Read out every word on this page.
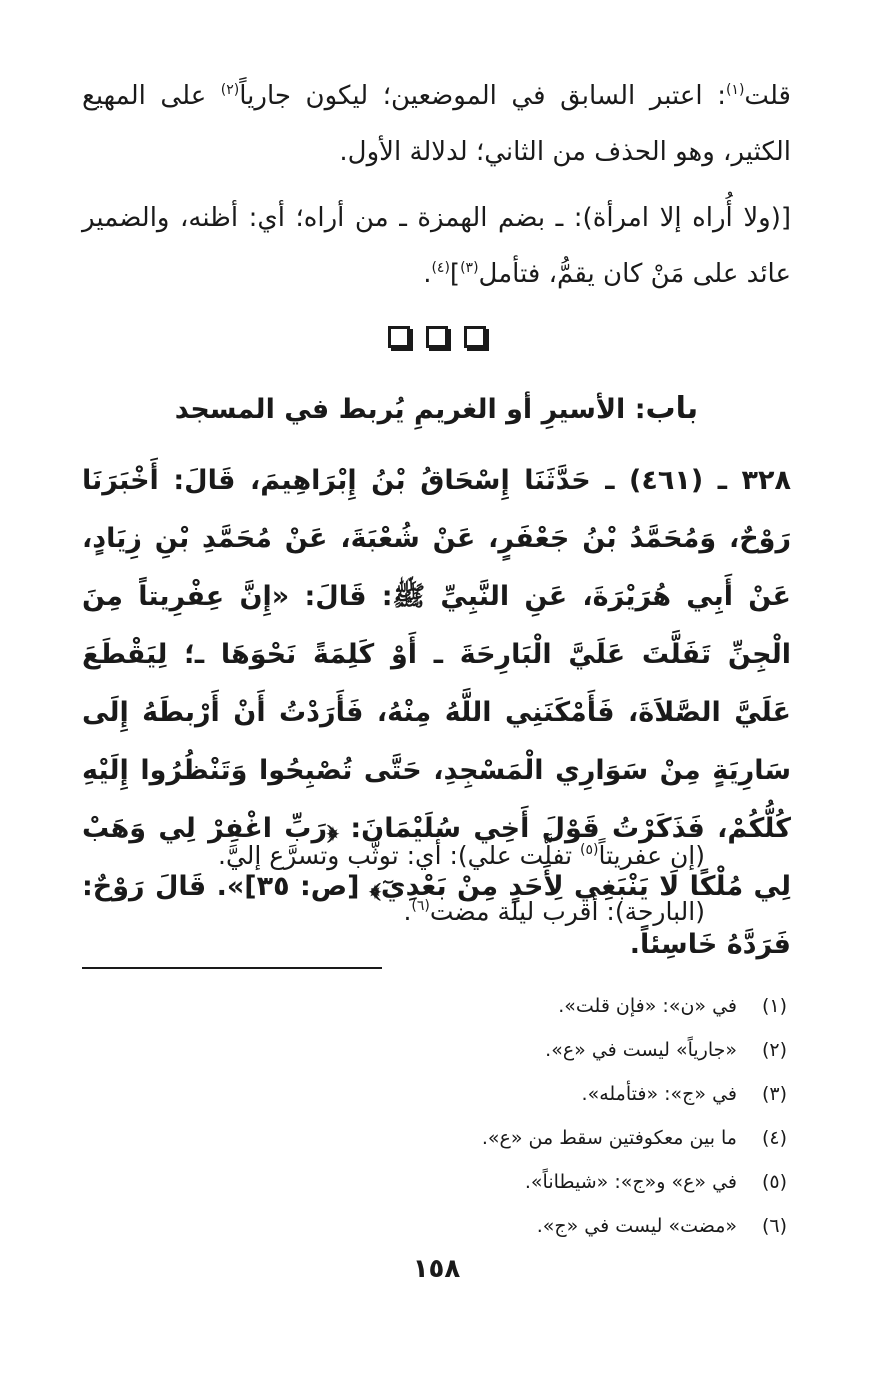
قلت$^{(١)}$: اعتبر السابق في الموضعين؛ ليكون جارياً$^{(٢)}$ على المهيع الكثير، وهو الحذف من الثاني؛ لدلالة الأول.

[(ولا أُراه إلا امرأة): ـ بضم الهمزة ـ من أراه؛ أي: أظنه، والضمير عائد على مَنْ كان يقمُّ، فتأمل$^{(٣)}$]$^{(٤)}$.

باب: الأسيرِ أو الغريمِ يُربط في المسجد

٣٢٨ ـ (٤٦١) ـ حَدَّثَنَا إِسْحَاقُ بْنُ إِبْرَاهِيمَ، قَالَ: أَخْبَرَنَا رَوْحٌ، وَمُحَمَّدُ بْنُ جَعْفَرٍ، عَنْ شُعْبَةَ، عَنْ مُحَمَّدِ بْنِ زِيَادٍ، عَنْ أَبِي هُرَيْرَةَ، عَنِ النَّبِيِّ ﷺ: قَالَ: «إِنَّ عِفْرِيتاً مِنَ الْجِنِّ تَفَلَّتَ عَلَيَّ الْبَارِحَةَ ـ أَوْ كَلِمَةً نَحْوَهَا ـ؛ لِيَقْطَعَ عَلَيَّ الصَّلاَةَ، فَأَمْكَنَنِي اللَّهُ مِنْهُ، فَأَرَدْتُ أَنْ أَرْبطَهُ إِلَى سَارِيَةٍ مِنْ سَوَارِي الْمَسْجِدِ، حَتَّى تُصْبِحُوا وَتَنْظُرُوا إِلَيْهِ كُلُّكُمْ، فَذَكَرْتُ قَوْلَ أَخِي سُلَيْمَانَ: ﴿رَبِّ اغْفِرْ لِي وَهَبْ لِي مُلْكًا لَا يَنْبَغِي لِأَحَدٍ مِنْ بَعْدِيٓ﴾ [ص: ٣٥]». قَالَ رَوْحٌ: فَرَدَّهُ خَاسِئاً.

(إن عفريتاً$^{(٥)}$ تفلَّت علي): أي: توثَّب وتسرَّع إليَّ.

(البارحة): أقرب ليلة مضت$^{(٦)}$.

(١)
في «ن»: «فإن قلت».
(٢)
«جارياً» ليست في «ع».
(٣)
في «ج»: «فتأمله».
(٤)
ما بين معكوفتين سقط من «ع».
(٥)
في «ع» و«ج»: «شيطاناً».
(٦)
«مضت» ليست في «ج».
١٥٨
